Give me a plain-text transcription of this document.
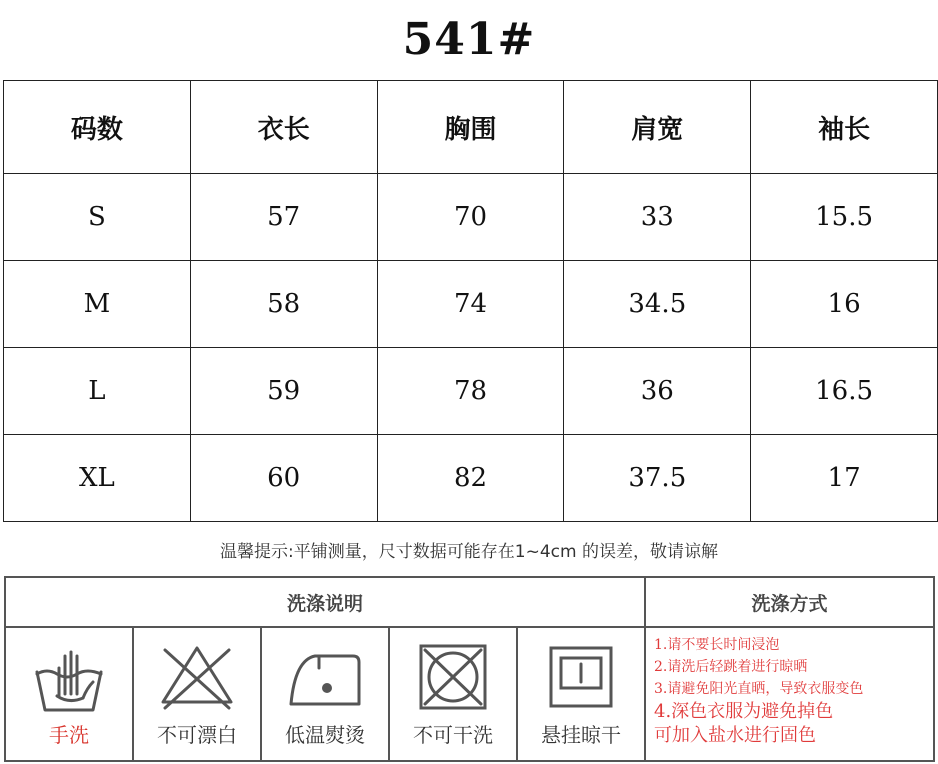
541#
码数	衣长	胸围	肩宽	袖长
S	57	70	33	15.5
M	58	74	34.5	16
L	59	78	36	16.5
XL	60	82	37.5	17
温馨提示:平铺测量，尺寸数据可能存在1~4cm 的误差，敬请谅解
洗涤说明	洗涤方式
手洗	不可漂白	低温熨烫	不可干洗	悬挂晾干
1.请不要长时间浸泡
2.请洗后轻跳着进行晾晒
3.请避免阳光直晒，导致衣服变色
4.深色衣服为避免掉色
可加入盐水进行固色
